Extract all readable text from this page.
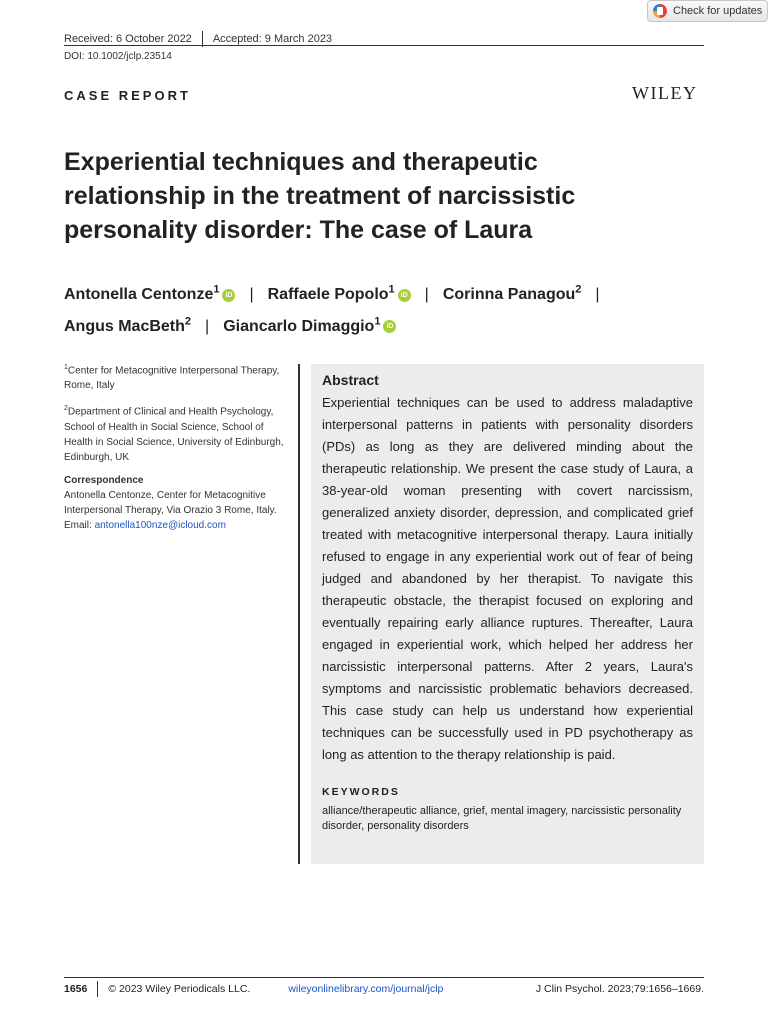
Check for updates
Received: 6 October 2022 Accepted: 9 March 2023
DOI: 10.1002/jclp.23514
CASE REPORT	WILEY
Experiential techniques and therapeutic relationship in the treatment of narcissistic personality disorder: The case of Laura
Antonella Centonze$^1$ iD | Raffaele Popolo$^1$ iD | Corinna Panagou$^2$ |
Angus MacBeth$^2$ | Giancarlo Dimaggio$^1$ iD

$^1$Center for Metacognitive Interpersonal Therapy, Rome, Italy

$^2$Department of Clinical and Health Psychology, School of Health in Social Science, School of Health in Social Science, University of Edinburgh, Edinburgh, UK

Correspondence

Antonella Centonze, Center for Metacognitive Interpersonal Therapy, Via Orazio 3 Rome, Italy.
Email: antonella100nze@icloud.com

Abstract
Experiential techniques can be used to address maladaptive interpersonal patterns in patients with personality disorders (PDs) as long as they are delivered minding about the therapeutic relationship. We present the case study of Laura, a 38-year-old woman presenting with covert narcissism, generalized anxiety disorder, depression, and complicated grief treated with metacognitive interpersonal therapy. Laura initially refused to engage in any experiential work out of fear of being judged and abandoned by her therapist. To navigate this therapeutic obstacle, the therapist focused on exploring and eventually repairing early alliance ruptures. Thereafter, Laura engaged in experiential work, which helped her address her narcissistic interpersonal patterns. After 2 years, Laura's symptoms and narcissistic problematic behaviors decreased. This case study can help us understand how experiential techniques can be successfully used in PD psychotherapy as long as attention to the therapy relationship is paid.
KEYWORDS
alliance/therapeutic alliance, grief, mental imagery, narcissistic personality disorder, personality disorders
1656 © 2023 Wiley Periodicals LLC.	wileyonlinelibrary.com/journal/jclp	J Clin Psychol. 2023;79:1656–1669.
